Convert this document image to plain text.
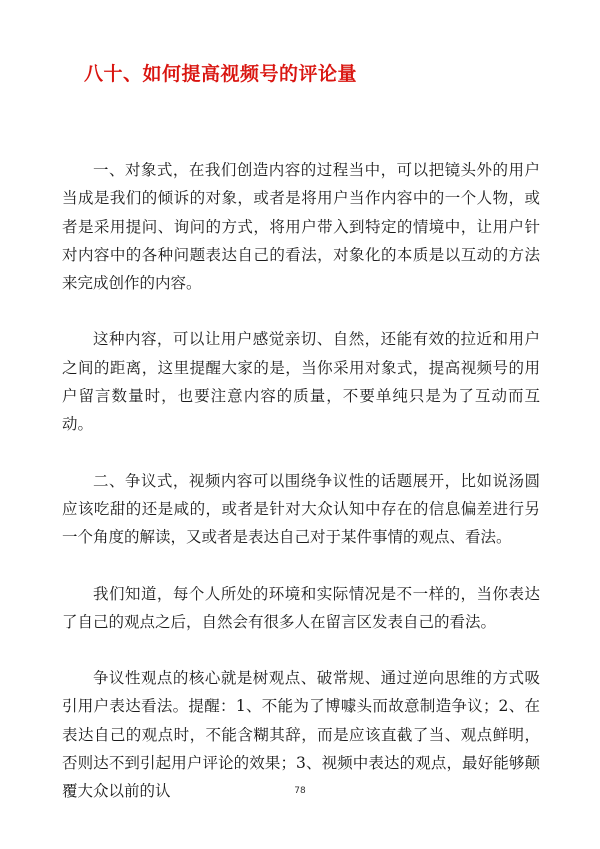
八十、如何提高视频号的评论量

一、对象式，在我们创造内容的过程当中，可以把镜头外的用户当成是我们的倾诉的对象，或者是将用户当作内容中的一个人物，或者是采用提问、询问的方式，将用户带入到特定的情境中，让用户针对内容中的各种问题表达自己的看法，对象化的本质是以互动的方法来完成创作的内容。

这种内容，可以让用户感觉亲切、自然，还能有效的拉近和用户之间的距离，这里提醒大家的是，当你采用对象式，提高视频号的用户留言数量时，也要注意内容的质量，不要单纯只是为了互动而互动。

二、争议式，视频内容可以围绕争议性的话题展开，比如说汤圆应该吃甜的还是咸的，或者是针对大众认知中存在的信息偏差进行另一个角度的解读，又或者是表达自己对于某件事情的观点、看法。

我们知道，每个人所处的环境和实际情况是不一样的，当你表达了自己的观点之后，自然会有很多人在留言区发表自己的看法。

争议性观点的核心就是树观点、破常规、通过逆向思维的方式吸引用户表达看法。提醒：1、不能为了博噱头而故意制造争议；2、在表达自己的观点时，不能含糊其辞，而是应该直截了当、观点鲜明，否则达不到引起用户评论的效果；3、视频中表达的观点，最好能够颠覆大众以前的认	78
